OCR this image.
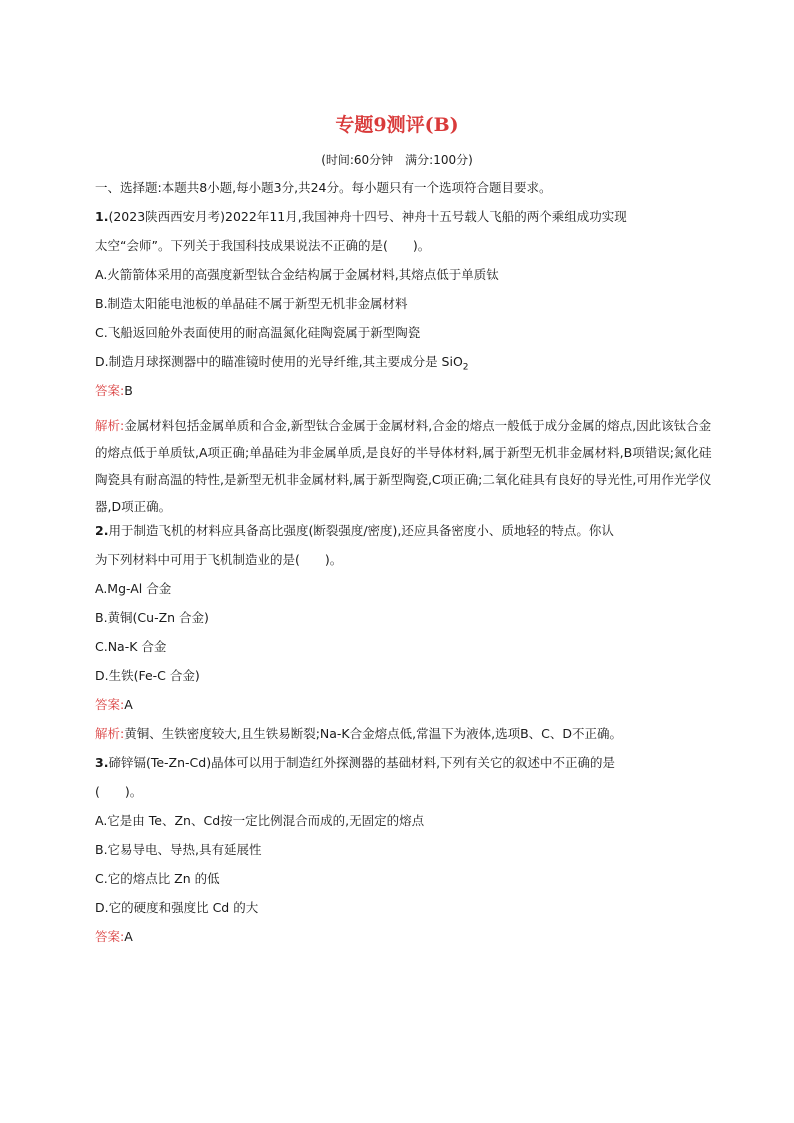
专题9测评(B)
(时间:60分钟　满分:100分)
一、选择题:本题共8小题,每小题3分,共24分。每小题只有一个选项符合题目要求。
1.(2023陕西西安月考)2022年11月,我国神舟十四号、神舟十五号载人飞船的两个乘组成功实现
太空“会师”。下列关于我国科技成果说法不正确的是(　　)。
A.火箭箭体采用的高强度新型钛合金结构属于金属材料,其熔点低于单质钛
B.制造太阳能电池板的单晶硅不属于新型无机非金属材料
C.飞船返回舱外表面使用的耐高温氮化硅陶瓷属于新型陶瓷
D.制造月球探测器中的瞄准镜时使用的光导纤维,其主要成分是 SiO$_2$
答案:B
解析:金属材料包括金属单质和合金,新型钛合金属于金属材料,合金的熔点一般低于成分金属的熔点,因此该钛合金的熔点低于单质钛,A项正确;单晶硅为非金属单质,是良好的半导体材料,属于新型无机非金属材料,B项错误;氮化硅陶瓷具有耐高温的特性,是新型无机非金属材料,属于新型陶瓷,C项正确;二氧化硅具有良好的导光性,可用作光学仪器,D项正确。
2.用于制造飞机的材料应具备高比强度(断裂强度/密度),还应具备密度小、质地轻的特点。你认
为下列材料中可用于飞机制造业的是(　　)。
A.Mg-Al 合金
B.黄铜(Cu-Zn 合金)
C.Na-K 合金
D.生铁(Fe-C 合金)
答案:A
解析:黄铜、生铁密度较大,且生铁易断裂;Na-K合金熔点低,常温下为液体,选项B、C、D不正确。
3.碲锌镉(Te-Zn-Cd)晶体可以用于制造红外探测器的基础材料,下列有关它的叙述中不正确的是
(　　)。
A.它是由 Te、Zn、Cd按一定比例混合而成的,无固定的熔点
B.它易导电、导热,具有延展性
C.它的熔点比 Zn 的低
D.它的硬度和强度比 Cd 的大
答案:A
